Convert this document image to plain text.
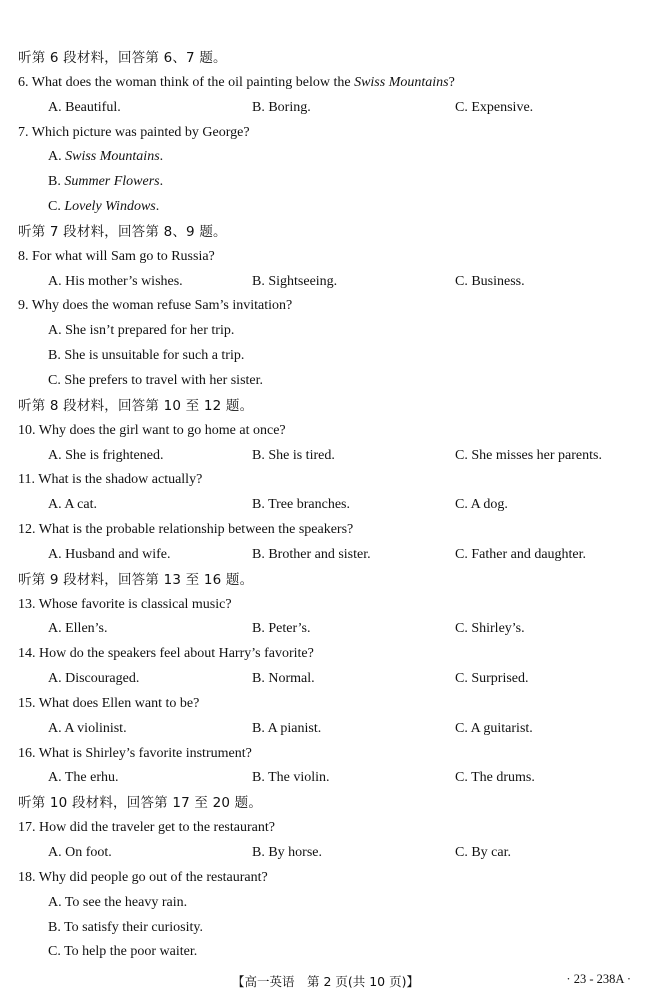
听第 6 段材料，回答第 6、7 题。
6. What does the woman think of the oil painting below the Swiss Mountains?
A. Beautiful.	B. Boring.	C. Expensive.
7. Which picture was painted by George?
A. Swiss Mountains.
B. Summer Flowers.
C. Lovely Windows.
听第 7 段材料，回答第 8、9 题。
8. For what will Sam go to Russia?
A. His mother’s wishes.	B. Sightseeing.	C. Business.
9. Why does the woman refuse Sam’s invitation?
A. She isn’t prepared for her trip.
B. She is unsuitable for such a trip.
C. She prefers to travel with her sister.
听第 8 段材料，回答第 10 至 12 题。
10. Why does the girl want to go home at once?
A. She is frightened.	B. She is tired.	C. She misses her parents.
11. What is the shadow actually?
A. A cat.	B. Tree branches.	C. A dog.
12. What is the probable relationship between the speakers?
A. Husband and wife.	B. Brother and sister.	C. Father and daughter.
听第 9 段材料，回答第 13 至 16 题。
13. Whose favorite is classical music?
A. Ellen’s.	B. Peter’s.	C. Shirley’s.
14. How do the speakers feel about Harry’s favorite?
A. Discouraged.	B. Normal.	C. Surprised.
15. What does Ellen want to be?
A. A violinist.	B. A pianist.	C. A guitarist.
16. What is Shirley’s favorite instrument?
A. The erhu.	B. The violin.	C. The drums.
听第 10 段材料，回答第 17 至 20 题。
17. How did the traveler get to the restaurant?
A. On foot.	B. By horse.	C. By car.
18. Why did people go out of the restaurant?
A. To see the heavy rain.
B. To satisfy their curiosity.
C. To help the poor waiter.
【高一英语　第 2 页(共 10 页)】	· 23 - 238A ·
